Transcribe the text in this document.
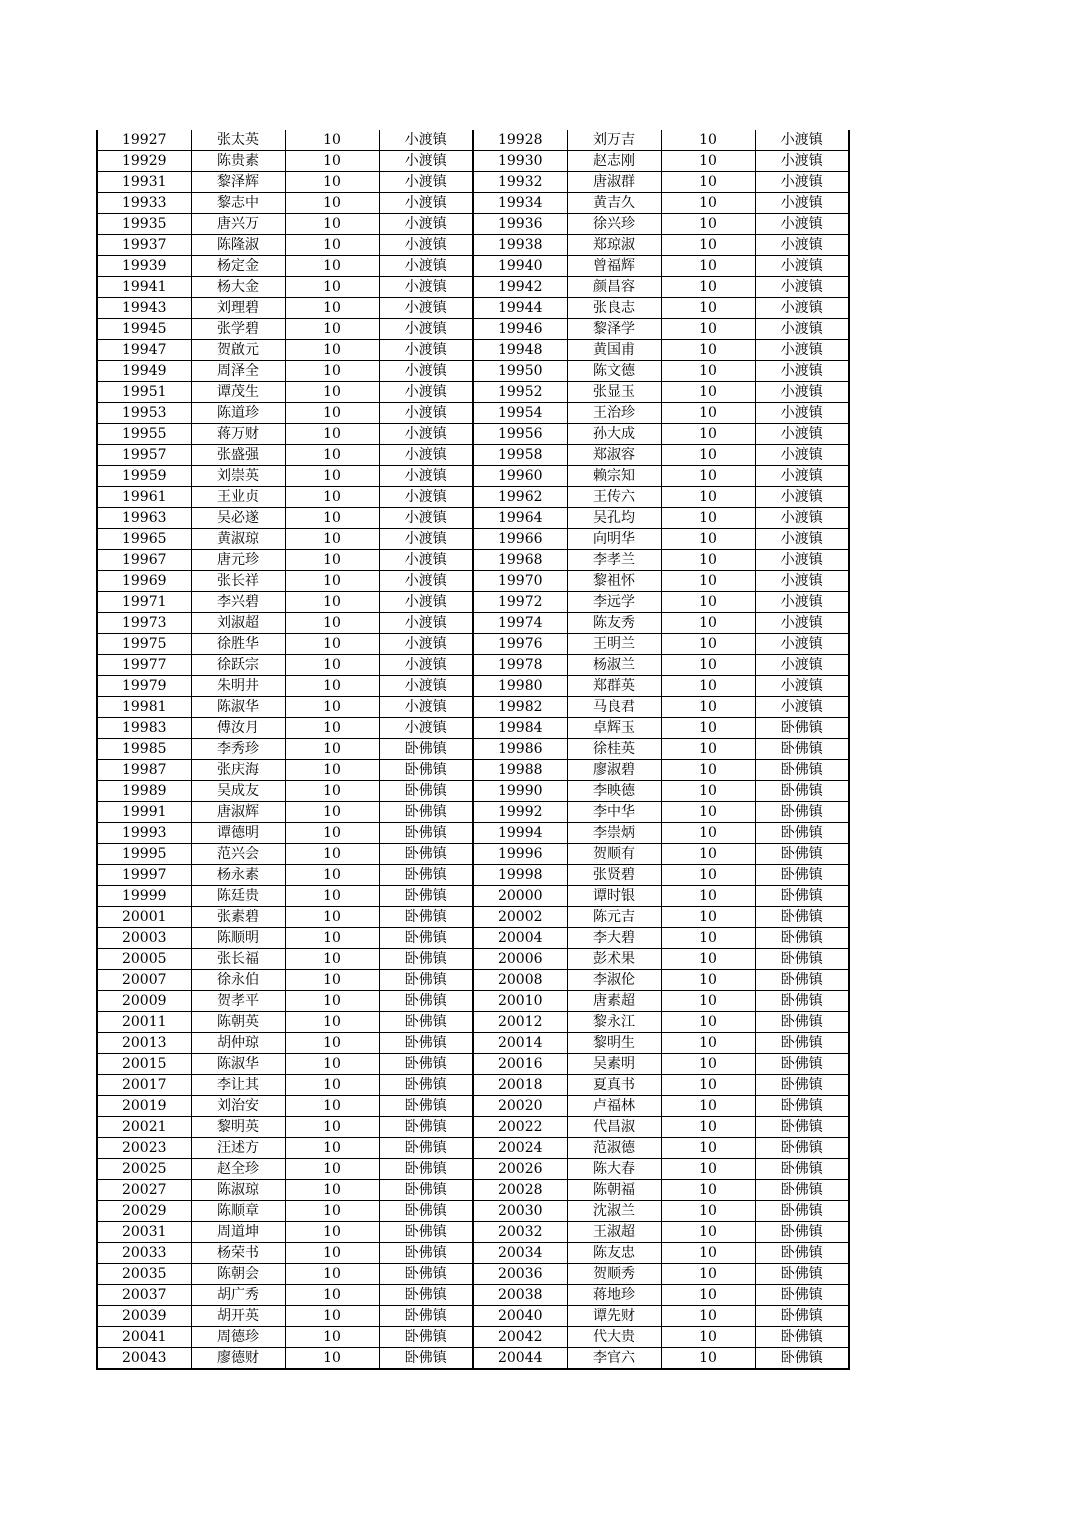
19927	张太英	10	小渡镇	19928	刘万吉	10	小渡镇
19929	陈贵素	10	小渡镇	19930	赵志刚	10	小渡镇
19931	黎泽辉	10	小渡镇	19932	唐淑群	10	小渡镇
19933	黎志中	10	小渡镇	19934	黄吉久	10	小渡镇
19935	唐兴万	10	小渡镇	19936	徐兴珍	10	小渡镇
19937	陈隆淑	10	小渡镇	19938	郑琼淑	10	小渡镇
19939	杨定金	10	小渡镇	19940	曾福辉	10	小渡镇
19941	杨大金	10	小渡镇	19942	颜昌容	10	小渡镇
19943	刘理碧	10	小渡镇	19944	张良志	10	小渡镇
19945	张学碧	10	小渡镇	19946	黎泽学	10	小渡镇
19947	贺啟元	10	小渡镇	19948	黄国甫	10	小渡镇
19949	周泽全	10	小渡镇	19950	陈文德	10	小渡镇
19951	谭茂生	10	小渡镇	19952	张显玉	10	小渡镇
19953	陈道珍	10	小渡镇	19954	王治珍	10	小渡镇
19955	蒋万财	10	小渡镇	19956	孙大成	10	小渡镇
19957	张盛强	10	小渡镇	19958	郑淑容	10	小渡镇
19959	刘崇英	10	小渡镇	19960	赖宗知	10	小渡镇
19961	王业贞	10	小渡镇	19962	王传六	10	小渡镇
19963	吴必遂	10	小渡镇	19964	吴孔均	10	小渡镇
19965	黄淑琼	10	小渡镇	19966	向明华	10	小渡镇
19967	唐元珍	10	小渡镇	19968	李孝兰	10	小渡镇
19969	张长祥	10	小渡镇	19970	黎祖怀	10	小渡镇
19971	李兴碧	10	小渡镇	19972	李远学	10	小渡镇
19973	刘淑超	10	小渡镇	19974	陈友秀	10	小渡镇
19975	徐胜华	10	小渡镇	19976	王明兰	10	小渡镇
19977	徐跃宗	10	小渡镇	19978	杨淑兰	10	小渡镇
19979	朱明井	10	小渡镇	19980	郑群英	10	小渡镇
19981	陈淑华	10	小渡镇	19982	马良君	10	小渡镇
19983	傅汝月	10	小渡镇	19984	卓辉玉	10	卧佛镇
19985	李秀珍	10	卧佛镇	19986	徐桂英	10	卧佛镇
19987	张庆海	10	卧佛镇	19988	廖淑碧	10	卧佛镇
19989	吴成友	10	卧佛镇	19990	李映德	10	卧佛镇
19991	唐淑辉	10	卧佛镇	19992	李中华	10	卧佛镇
19993	谭德明	10	卧佛镇	19994	李崇炳	10	卧佛镇
19995	范兴会	10	卧佛镇	19996	贺顺有	10	卧佛镇
19997	杨永素	10	卧佛镇	19998	张贤碧	10	卧佛镇
19999	陈廷贵	10	卧佛镇	20000	谭时银	10	卧佛镇
20001	张素碧	10	卧佛镇	20002	陈元吉	10	卧佛镇
20003	陈顺明	10	卧佛镇	20004	李大碧	10	卧佛镇
20005	张长福	10	卧佛镇	20006	彭术果	10	卧佛镇
20007	徐永伯	10	卧佛镇	20008	李淑伦	10	卧佛镇
20009	贺孝平	10	卧佛镇	20010	唐素超	10	卧佛镇
20011	陈朝英	10	卧佛镇	20012	黎永江	10	卧佛镇
20013	胡仲琼	10	卧佛镇	20014	黎明生	10	卧佛镇
20015	陈淑华	10	卧佛镇	20016	吴素明	10	卧佛镇
20017	李让其	10	卧佛镇	20018	夏真书	10	卧佛镇
20019	刘治安	10	卧佛镇	20020	卢福林	10	卧佛镇
20021	黎明英	10	卧佛镇	20022	代昌淑	10	卧佛镇
20023	汪述方	10	卧佛镇	20024	范淑德	10	卧佛镇
20025	赵全珍	10	卧佛镇	20026	陈大春	10	卧佛镇
20027	陈淑琼	10	卧佛镇	20028	陈朝福	10	卧佛镇
20029	陈顺章	10	卧佛镇	20030	沈淑兰	10	卧佛镇
20031	周道坤	10	卧佛镇	20032	王淑超	10	卧佛镇
20033	杨荣书	10	卧佛镇	20034	陈友忠	10	卧佛镇
20035	陈朝会	10	卧佛镇	20036	贺顺秀	10	卧佛镇
20037	胡广秀	10	卧佛镇	20038	蒋地珍	10	卧佛镇
20039	胡开英	10	卧佛镇	20040	谭先财	10	卧佛镇
20041	周德珍	10	卧佛镇	20042	代大贵	10	卧佛镇
20043	廖德财	10	卧佛镇	20044	李官六	10	卧佛镇
